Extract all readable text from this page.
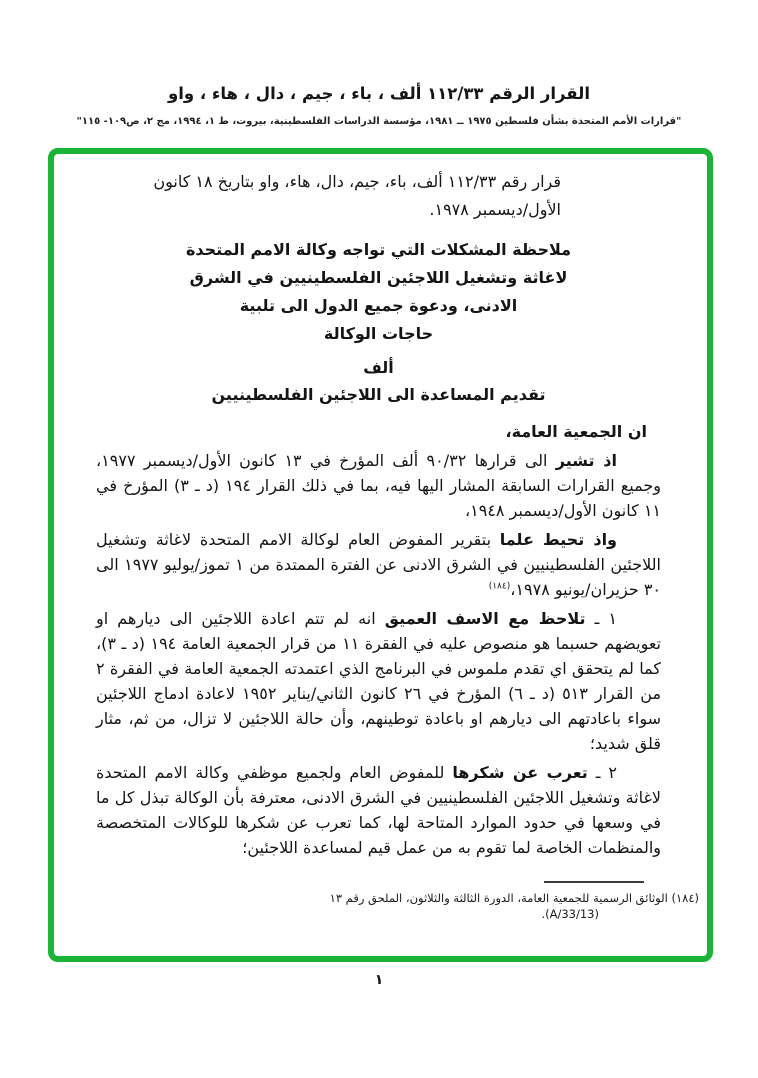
القرار الرقم ١١٢/٣٣ ألف ، باء ، جيم ، دال ، هاء ، واو
"قرارات الأمم المتحدة بشأن فلسطين ١٩٧٥ ــ ١٩٨١، مؤسسة الدراسات الفلسطينية، بيروت، ط ١، ١٩٩٤، مج ٢، ص١٠٩- ١١٥"

قرار رقم ١١٢/٣٣ ألف، باء، جيم، دال، هاء، واو بتاريخ ١٨ كانون الأول/ديسمبر ١٩٧٨.

ملاحظة المشكلات التي تواجه وكالة الامم المتحدة
لاغاثة وتشغيل اللاجئين الفلسطينيين في الشرق
الادنى، ودعوة جميع الدول الى تلبية
حاجات الوكالة
ألف
تقديم المساعدة الى اللاجئين الفلسطينيين

ان الجمعية العامة،

اذ تشير الى قرارها ٩٠/٣٢ ألف المؤرخ في ١٣ كانون الأول/ديسمبر ١٩٧٧، وجميع القرارات السابقة المشار اليها فيه، بما في ذلك القرار ١٩٤ (د ـ ٣) المؤرخ في ١١ كانون الأول/ديسمبر ١٩٤٨،

واذ تحيط علما بتقرير المفوض العام لوكالة الامم المتحدة لاغاثة وتشغيل اللاجئين الفلسطينيين في الشرق الادنى عن الفترة الممتدة من ١ تموز/يوليو ١٩٧٧ الى ٣٠ حزيران/يونيو ١٩٧٨،$^{(١٨٤)}$

١ ـ تلاحظ مع الاسف العميق انه لم تتم اعادة اللاجئين الى ديارهم او تعويضهم حسبما هو منصوص عليه في الفقرة ١١ من قرار الجمعية العامة ١٩٤ (د ـ ٣)، كما لم يتحقق اي تقدم ملموس في البرنامج الذي اعتمدته الجمعية العامة في الفقرة ٢ من القرار ٥١٣ (د ـ ٦) المؤرخ في ٢٦ كانون الثاني/يناير ١٩٥٢ لاعادة ادماج اللاجئين سواء باعادتهم الى ديارهم او باعادة توطينهم، وأن حالة اللاجئين لا تزال، من ثم، مثار قلق شديد؛

٢ ـ تعرب عن شكرها للمفوض العام ولجميع موظفي وكالة الامم المتحدة لاغاثة وتشغيل اللاجئين الفلسطينيين في الشرق الادنى، معترفة بأن الوكالة تبذل كل ما في وسعها في حدود الموارد المتاحة لها، كما تعرب عن شكرها للوكالات المتخصصة والمنظمات الخاصة لما تقوم به من عمل قيم لمساعدة اللاجئين؛

(١٨٤) الوثائق الرسمية للجمعية العامة، الدورة الثالثة والثلاثون، الملحق رقم ١٣
(A/33/13).
١
